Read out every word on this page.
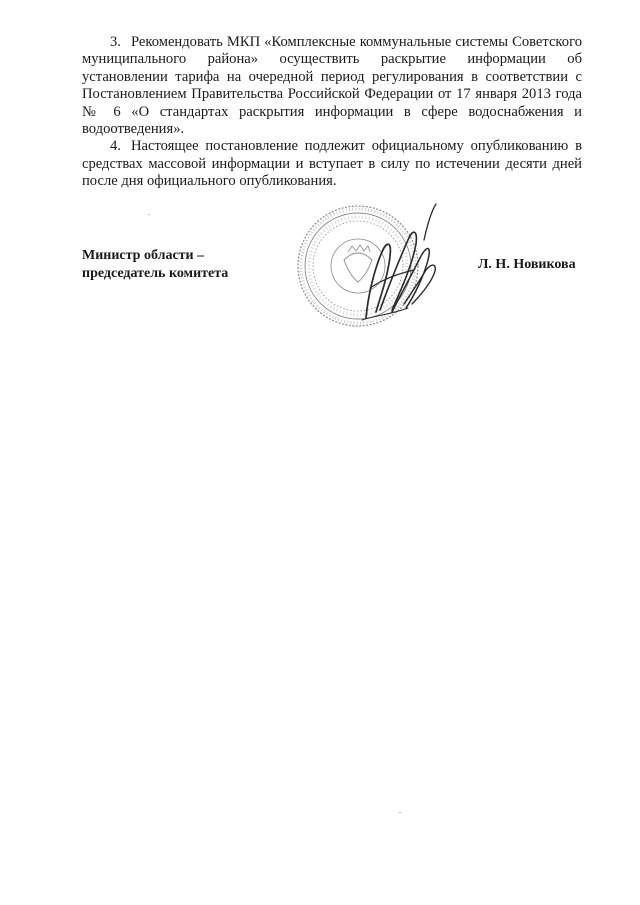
3. Рекомендовать МКП «Комплексные коммунальные системы Советского муниципального района» осуществить раскрытие информации об установлении тарифа на очередной период регулирования в соответствии с Постановлением Правительства Российской Федерации от 17 января 2013 года № 6 «О стандартах раскрытия информации в сфере водоснабжения и водоотведения».

4. Настоящее постановление подлежит официальному опубликованию в средствах массовой информации и вступает в силу по истечении десяти дней после дня официального опубликования.

Министр области –
председатель комитета
Л. Н. Новикова
